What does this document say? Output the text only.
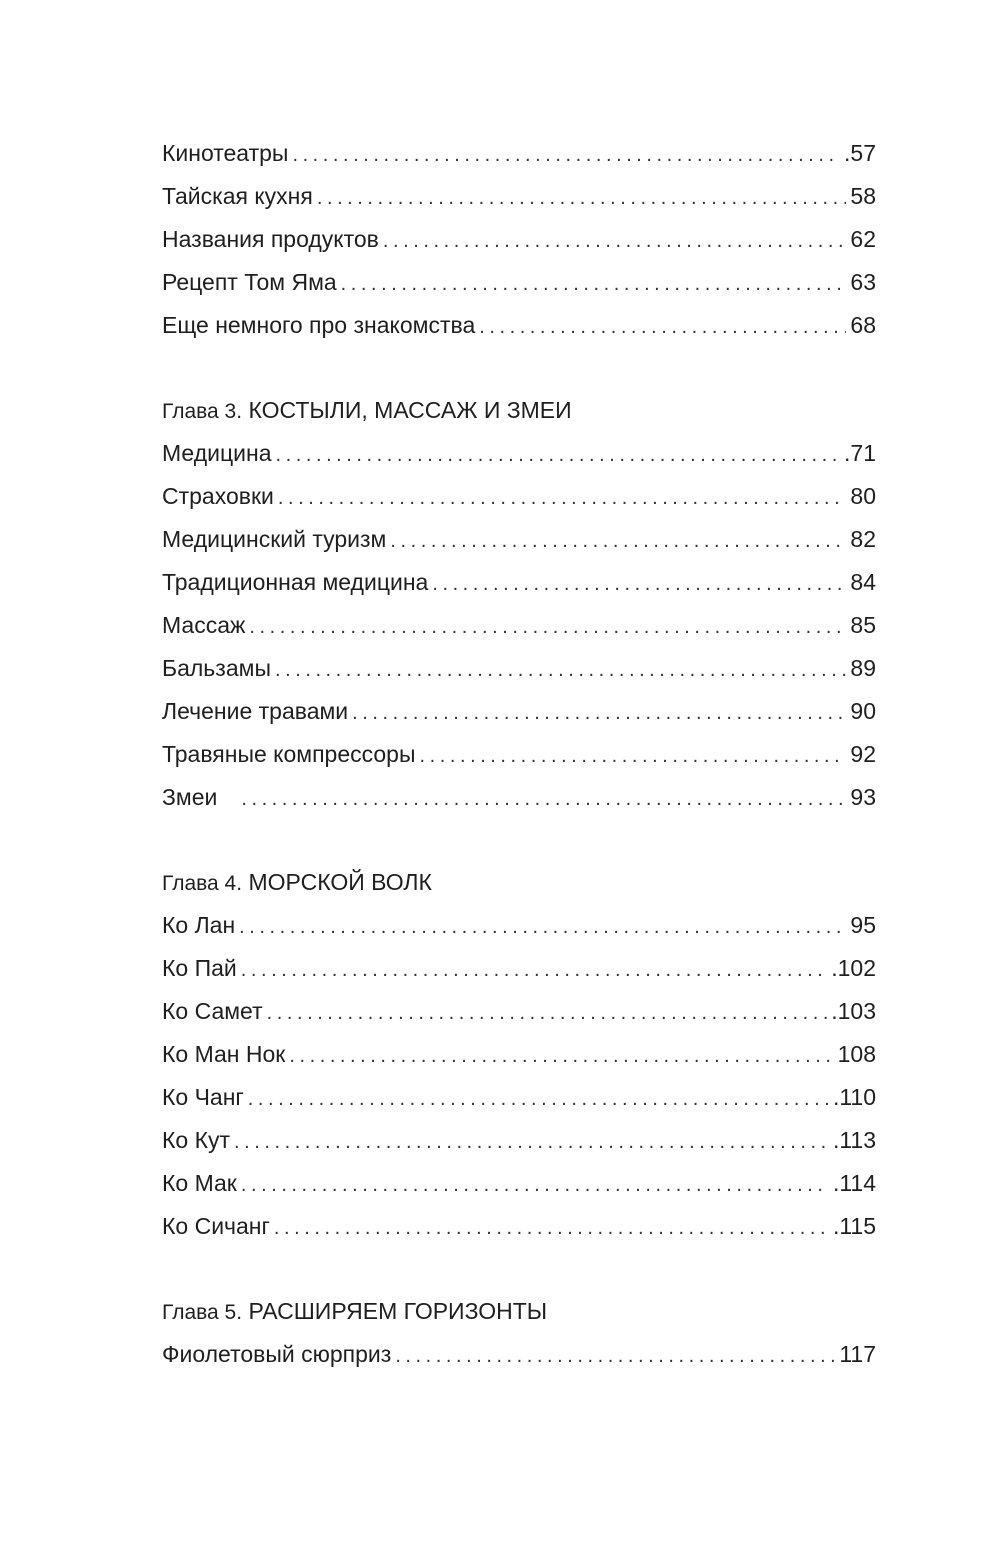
Кинотеатры . . .	.57
Тайская кухня . . .	58
Названия продуктов . . .	62
Рецепт Том Яма . . .	63
Еще немного про знакомства . . .	68
Глава 3. КОСТЫЛИ, МАССАЖ И ЗМЕИ
Медицина . . .	.71
Страховки . . .	80
Медицинский туризм . . .	82
Традиционная медицина . . .	84
Массаж . . .	85
Бальзамы . . .	89
Лечение травами . . .	90
Травяные компрессоры . . .	92
Змеи . . .	93
Глава 4. МОРСКОЙ ВОЛК
Ко Лан . . .	95
Ко Пай . . .	.102
Ко Самет . . .	.103
Ко Ман Нок . . .	108
Ко Чанг . . .	.110
Ко Кут . . .	.113
Ко Мак . . .	.114
Ко Сичанг . . .	.115
Глава 5. РАСШИРЯЕМ ГОРИЗОНТЫ
Фиолетовый сюрприз . . .	117
